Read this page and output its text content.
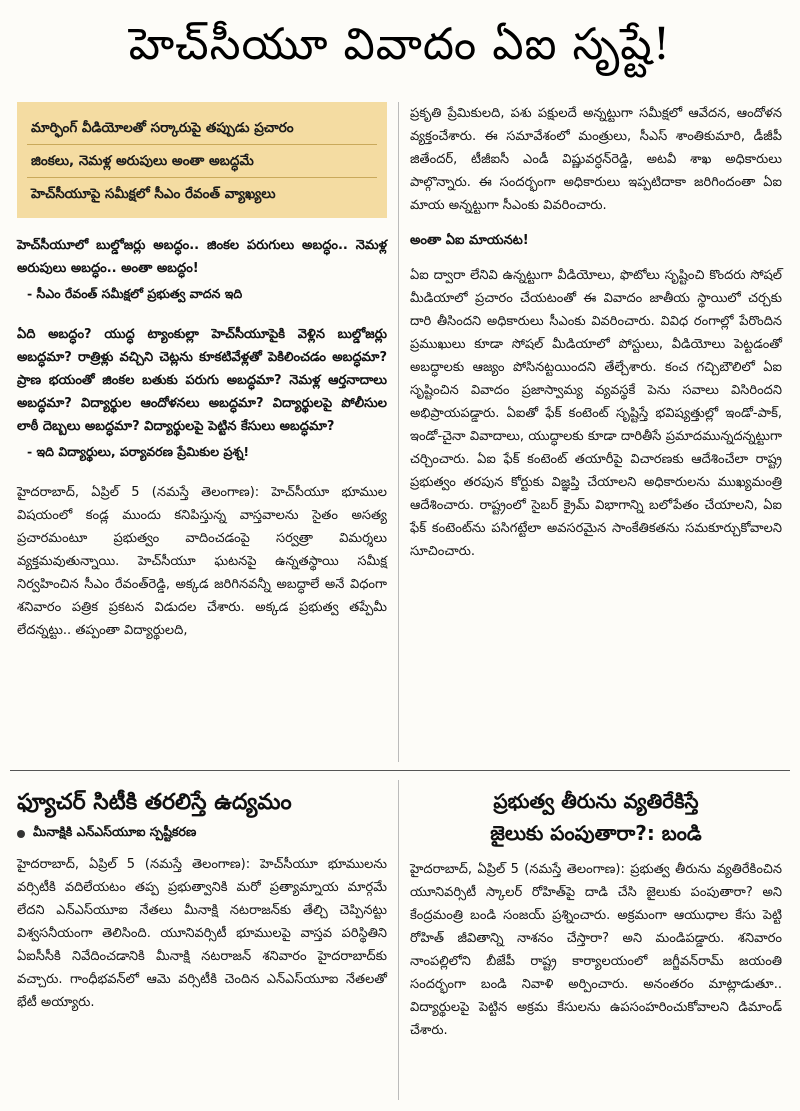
హెచ్‌సీయూ వివాదం ఏఐ సృష్టే!
మార్ఫింగ్ వీడియోలతో సర్కారుపై తప్పుడు ప్రచారం
జింకలు, నెమళ్ల అరుపులు అంతా అబద్ధమే
హెచ్‌సీయూపై సమీక్షలో సీఎం రేవంత్ వ్యాఖ్యలు

హెచ్‌సీయూలో బుల్డోజర్లు అబద్ధం.. జింకల పరుగులు అబద్ధం.. నెమళ్ల అరుపులు అబద్ధం.. అంతా అబద్ధం!

- సీఎం రేవంత్ సమీక్షలో ప్రభుత్వ వాదన ఇది

ఏది అబద్ధం? యుద్ధ ట్యాంకుల్లా హెచ్‌సీయూపైకి వెళ్లిన బుల్డోజర్లు అబద్ధమా? రాత్రిళ్లు వచ్చిని చెట్లను కూకటివేళ్లతో పెకిలించడం అబద్ధమా? ప్రాణ భయంతో జింకల బతుకు పరుగు అబద్ధమా? నెమళ్ల ఆర్తనాదాలు అబద్ధమా? విద్యార్థుల ఆందోళనలు అబద్ధమా? విద్యార్థులపై పోలీసుల లాఠీ దెబ్బలు అబద్ధమా? విద్యార్థులపై పెట్టిన కేసులు అబద్ధమా?

- ఇది విద్యార్థులు, పర్యావరణ ప్రేమికుల ప్రశ్న!

హైదరాబాద్, ఏప్రిల్ 5 (నమస్తే తెలంగాణ): హెచ్‌సీయూ భూముల విషయంలో కండ్ల ముందు కనిపిస్తున్న వాస్తవాలను సైతం అసత్య ప్రచారమంటూ ప్రభుత్వం వాదించడంపై సర్వత్రా విమర్శలు వ్యక్తమవుతున్నాయి. హెచ్‌సీయూ ఘటనపై ఉన్నతస్థాయి సమీక్ష నిర్వహించిన సీఎం రేవంత్‌రెడ్డి, అక్కడ జరిగినవన్నీ అబద్ధాలే అనే విధంగా శనివారం పత్రిక ప్రకటన విడుదల చేశారు. అక్కడ ప్రభుత్వ తప్పేమీ లేదన్నట్టు.. తప్పంతా విద్యార్థులది,

ప్రకృతి ప్రేమికులది, పశు పక్షులదే అన్నట్టుగా సమీక్షలో ఆవేదన, ఆందోళన వ్యక్తంచేశారు. ఈ సమావేశంలో మంత్రులు, సీఎస్ శాంతికుమారి, డీజీపీ జితేందర్, టీజీఐసీ ఎండీ విష్ణువర్ధన్‌రెడ్డి, అటవీ శాఖ అధికారులు పాల్గొన్నారు. ఈ సందర్భంగా అధికారులు ఇప్పటిదాకా జరిగిందంతా ఏఐ మాయ అన్నట్టుగా సీఎంకు వివరించారు.

అంతా ఏఐ మాయనట!

ఏఐ ద్వారా లేనివి ఉన్నట్టుగా వీడియోలు, ఫొటోలు సృష్టించి కొందరు సోషల్ మీడియాలో ప్రచారం చేయటంతో ఈ వివాదం జాతీయ స్థాయిలో చర్చకు దారి తీసిందని అధికారులు సీఎంకు వివరించారు. వివిధ రంగాల్లో పేరొందిన ప్రముఖులు కూడా సోషల్ మీడియాలో పోస్టులు, వీడియోలు పెట్టడంతో అబద్ధాలకు ఆజ్యం పోసినట్టయిందని తేల్చేశారు. కంచ గచ్చిబౌలిలో ఏఐ సృష్టించిన వివాదం ప్రజాస్వామ్య వ్యవస్థకే పెను సవాలు విసిరిందని అభిప్రాయపడ్డారు. ఏఐతో ఫేక్ కంటెంట్ సృష్టిస్తే భవిష్యత్తుల్లో ఇండో-పాక్, ఇండో-చైనా వివాదాలు, యుద్ధాలకు కూడా దారితీసే ప్రమాదమున్నదన్నట్టుగా చర్చించారు. ఏఐ ఫేక్ కంటెంట్ తయారీపై విచారణకు ఆదేశించేలా రాష్ట్ర ప్రభుత్వం తరపున కోర్టుకు విజ్ఞప్తి చేయాలని అధికారులను ముఖ్యమంత్రి ఆదేశించారు. రాష్ట్రంలో సైబర్ క్రైమ్ విభాగాన్ని బలోపేతం చేయాలని, ఏఐ ఫేక్ కంటెంట్‌ను పసిగట్టేలా అవసరమైన సాంకేతికతను సమకూర్చుకోవాలని సూచించారు.

ఫ్యూచర్ సిటీకి తరలిస్తే ఉద్యమం
మీనాక్షికి ఎన్‌ఎస్‌యూఐ స్పష్టీకరణ

హైదరాబాద్, ఏప్రిల్ 5 (నమస్తే తెలంగాణ): హెచ్‌సీయూ భూములను వర్సిటీకి వదిలేయటం తప్ప ప్రభుత్వానికి మరో ప్రత్యామ్నాయ మార్గమే లేదని ఎన్‌ఎస్‌యూఐ నేతలు మీనాక్షి నటరాజన్‌కు తేల్చి చెప్పినట్టు విశ్వసనీయంగా తెలిసింది. యూనివర్సిటీ భూములపై వాస్తవ పరిస్థితిని ఏఐసీసీకి నివేదించడానికి మీనాక్షి నటరాజన్ శనివారం హైదరాబాద్‌కు వచ్చారు. గాంధీభవన్‌లో ఆమె వర్సిటీకి చెందిన ఎన్‌ఎస్‌యూఐ నేతలతో భేటీ అయ్యారు.

ప్రభుత్వ తీరును వ్యతిరేకిస్తే
జైలుకు పంపుతారా?: బండి

హైదరాబాద్, ఏప్రిల్ 5 (నమస్తే తెలంగాణ): ప్రభుత్వ తీరును వ్యతిరేకించిన యూనివర్సిటీ స్కాలర్ రోహిత్‌పై దాడి చేసి జైలుకు పంపుతారా? అని కేంద్రమంత్రి బండి సంజయ్ ప్రశ్నించారు. అక్రమంగా ఆయుధాల కేసు పెట్టి రోహిత్ జీవితాన్ని నాశనం చేస్తారా? అని మండిపడ్డారు. శనివారం నాంపల్లిలోని బీజేపీ రాష్ట్ర కార్యాలయంలో జగ్జీవన్‌రామ్ జయంతి సందర్భంగా బండి నివాళి అర్పించారు. అనంతరం మాట్లాడుతూ.. విద్యార్థులపై పెట్టిన అక్రమ కేసులను ఉపసంహరించుకోవాలని డిమాండ్ చేశారు.
